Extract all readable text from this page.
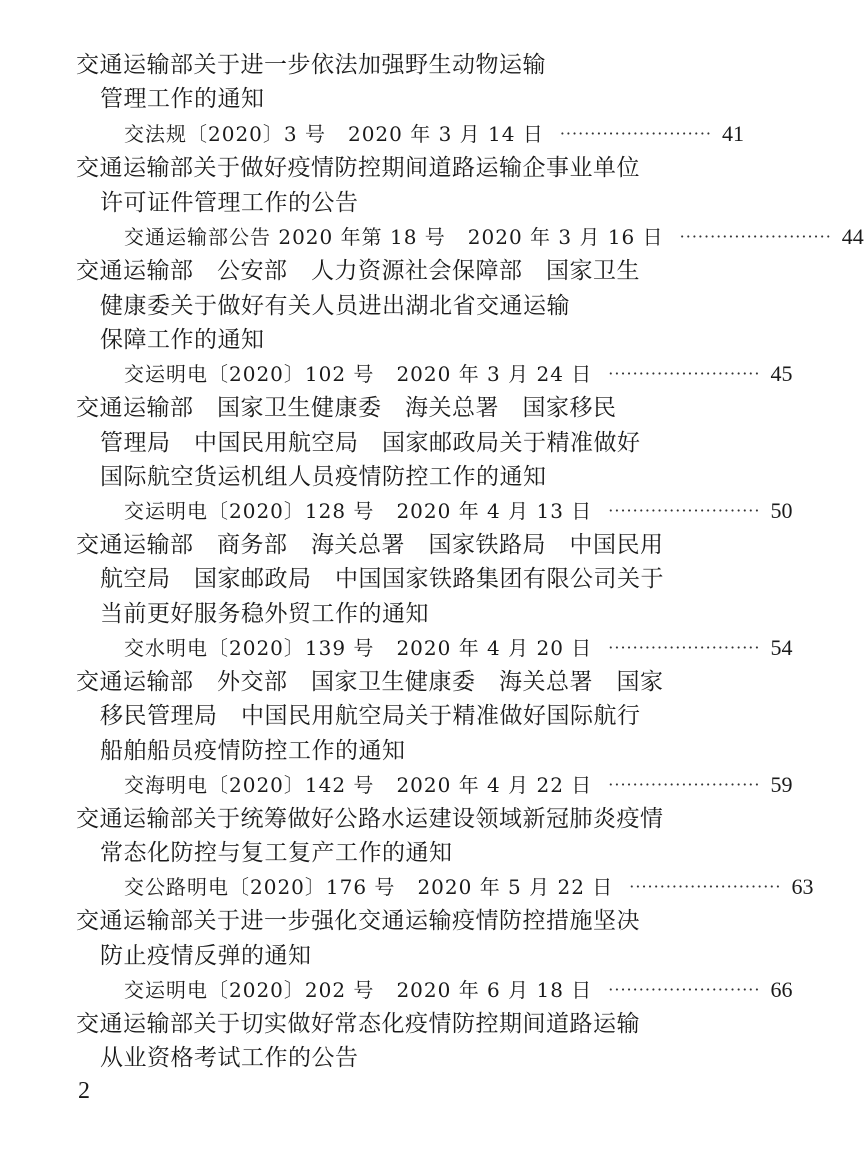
交通运输部关于进一步依法加强野生动物运输
管理工作的通知
交法规〔2020〕3 号 2020 年 3 月 14 日 ························· 41
交通运输部关于做好疫情防控期间道路运输企事业单位
许可证件管理工作的公告
交通运输部公告 2020 年第 18 号 2020 年 3 月 16 日 ························· 44
交通运输部　公安部　人力资源社会保障部　国家卫生
健康委关于做好有关人员进出湖北省交通运输
保障工作的通知
交运明电〔2020〕102 号 2020 年 3 月 24 日 ························· 45
交通运输部　国家卫生健康委　海关总署　国家移民
管理局　中国民用航空局　国家邮政局关于精准做好
国际航空货运机组人员疫情防控工作的通知
交运明电〔2020〕128 号 2020 年 4 月 13 日 ························· 50
交通运输部　商务部　海关总署　国家铁路局　中国民用
航空局　国家邮政局　中国国家铁路集团有限公司关于
当前更好服务稳外贸工作的通知
交水明电〔2020〕139 号 2020 年 4 月 20 日 ························· 54
交通运输部　外交部　国家卫生健康委　海关总署　国家
移民管理局　中国民用航空局关于精准做好国际航行
船舶船员疫情防控工作的通知
交海明电〔2020〕142 号 2020 年 4 月 22 日 ························· 59
交通运输部关于统筹做好公路水运建设领域新冠肺炎疫情
常态化防控与复工复产工作的通知
交公路明电〔2020〕176 号 2020 年 5 月 22 日 ························· 63
交通运输部关于进一步强化交通运输疫情防控措施坚决
防止疫情反弹的通知
交运明电〔2020〕202 号 2020 年 6 月 18 日 ························· 66
交通运输部关于切实做好常态化疫情防控期间道路运输
从业资格考试工作的公告
2
